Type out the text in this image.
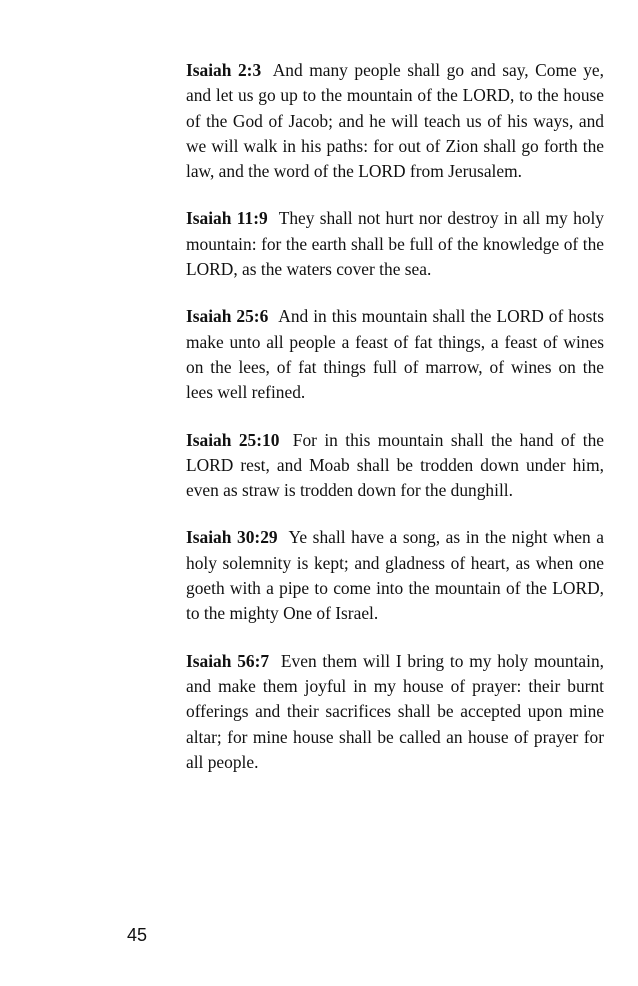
Isaiah 2:3 And many people shall go and say, Come ye, and let us go up to the mountain of the LORD, to the house of the God of Jacob; and he will teach us of his ways, and we will walk in his paths: for out of Zion shall go forth the law, and the word of the LORD from Jerusalem.

Isaiah 11:9 They shall not hurt nor destroy in all my holy mountain: for the earth shall be full of the knowledge of the LORD, as the waters cover the sea.

Isaiah 25:6 And in this mountain shall the LORD of hosts make unto all people a feast of fat things, a feast of wines on the lees, of fat things full of marrow, of wines on the lees well refined.

Isaiah 25:10 For in this mountain shall the hand of the LORD rest, and Moab shall be trodden down under him, even as straw is trodden down for the dunghill.

Isaiah 30:29 Ye shall have a song, as in the night when a holy solemnity is kept; and gladness of heart, as when one goeth with a pipe to come into the mountain of the LORD, to the mighty One of Israel.

Isaiah 56:7 Even them will I bring to my holy mountain, and make them joyful in my house of prayer: their burnt offerings and their sacrifices shall be accepted upon mine altar; for mine house shall be called an house of prayer for all people.

45
